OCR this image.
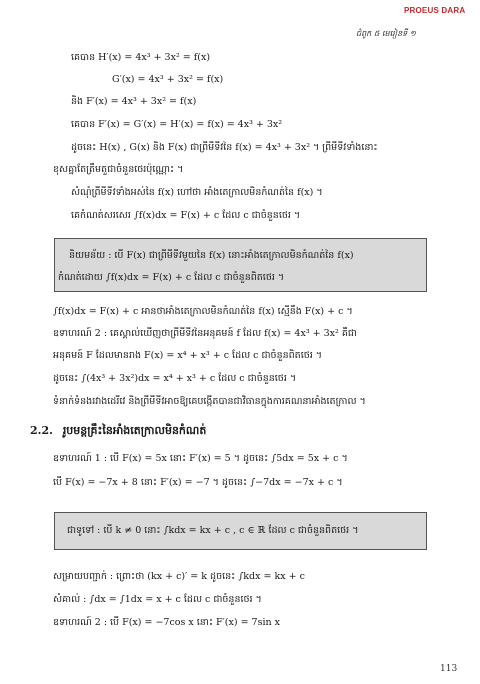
PROEUS DARA
ជំពូក ៥ មេរៀនទី ១
គេបាន H′(x) = 4x³ + 3x² = f(x)
G′(x) = 4x³ + 3x² = f(x)
និង F′(x) = 4x³ + 3x² = f(x)
គេបាន F′(x) = G′(x) = H′(x) = f(x) = 4x³ + 3x²
ដូចនេះ H(x) , G(x) និង F(x) ជាព្រីមីទីវនៃ f(x) = 4x³ + 3x² ។ ព្រីមីទីវទាំងនោះ
ខុសគ្នាតែត្រឹមតួជាចំនួនថេរប៉ុណ្ណោះ ។
សំណុំព្រីមីទីវទាំងអស់នៃ f(x) ហៅថា អាំងតេក្រាលមិនកំណត់នៃ f(x) ។
គេកំណត់សរសេរ ∫f(x)dx = F(x) + c ដែល c ជាចំនួនថេរ ។
និយមន័យ : បើ F(x) ជាព្រីមីទីវមួយនៃ f(x) នោះអាំងតេក្រាលមិនកំណត់នៃ f(x)
កំណត់ដោយ ∫f(x)dx = F(x) + c ដែល c ជាចំនួនពិតថេរ ។
∫f(x)dx = F(x) + c អានថាអាំងតេក្រាលមិនកំណត់នៃ f(x) ស្មើនឹង F(x) + c ។
ឧទាហរណ៍ 2 : គេស្គាល់ឃើញថាព្រីមីទីវនៃអនុគមន៍ f ដែល f(x) = 4x³ + 3x² គឺជា
អនុគមន៍ F ដែលមានរាង F(x) = x⁴ + x³ + c ដែល c ជាចំនួនពិតថេរ ។
ដូចនេះ ∫(4x³ + 3x²)dx = x⁴ + x³ + c ដែល c ជាចំនួនថេរ ។
ទំនាក់ទំនងរវាងដេរីវេ និងព្រីមីទីវអាចឱ្យគេបង្កើតបានជាវិធានក្នុងការគណនាអាំងតេក្រាល ។
2.2. រូបមន្តគ្រឹះនៃអាំងតេក្រាលមិនកំណត់
ឧទាហរណ៍ 1 : បើ F(x) = 5x នោះ F′(x) = 5 ។ ដូចនេះ ∫5dx = 5x + c ។
បើ F(x) = −7x + 8 នោះ F′(x) = −7 ។ ដូចនេះ ∫−7dx = −7x + c ។
ជាទូទៅ : បើ k ≠ 0 នោះ ∫kdx = kx + c , c ∈ ℝ ដែល c ជាចំនួនពិតថេរ ។
សម្រាយបញ្ជាក់ : ព្រោះថា (kx + c)′ = k ដូចនេះ ∫kdx = kx + c
សំគាល់ : ∫dx = ∫1dx = x + c ដែល c ជាចំនួនថេរ ។
ឧទាហរណ៍ 2 : បើ F(x) = −7cos x នោះ F′(x) = 7sin x
113
